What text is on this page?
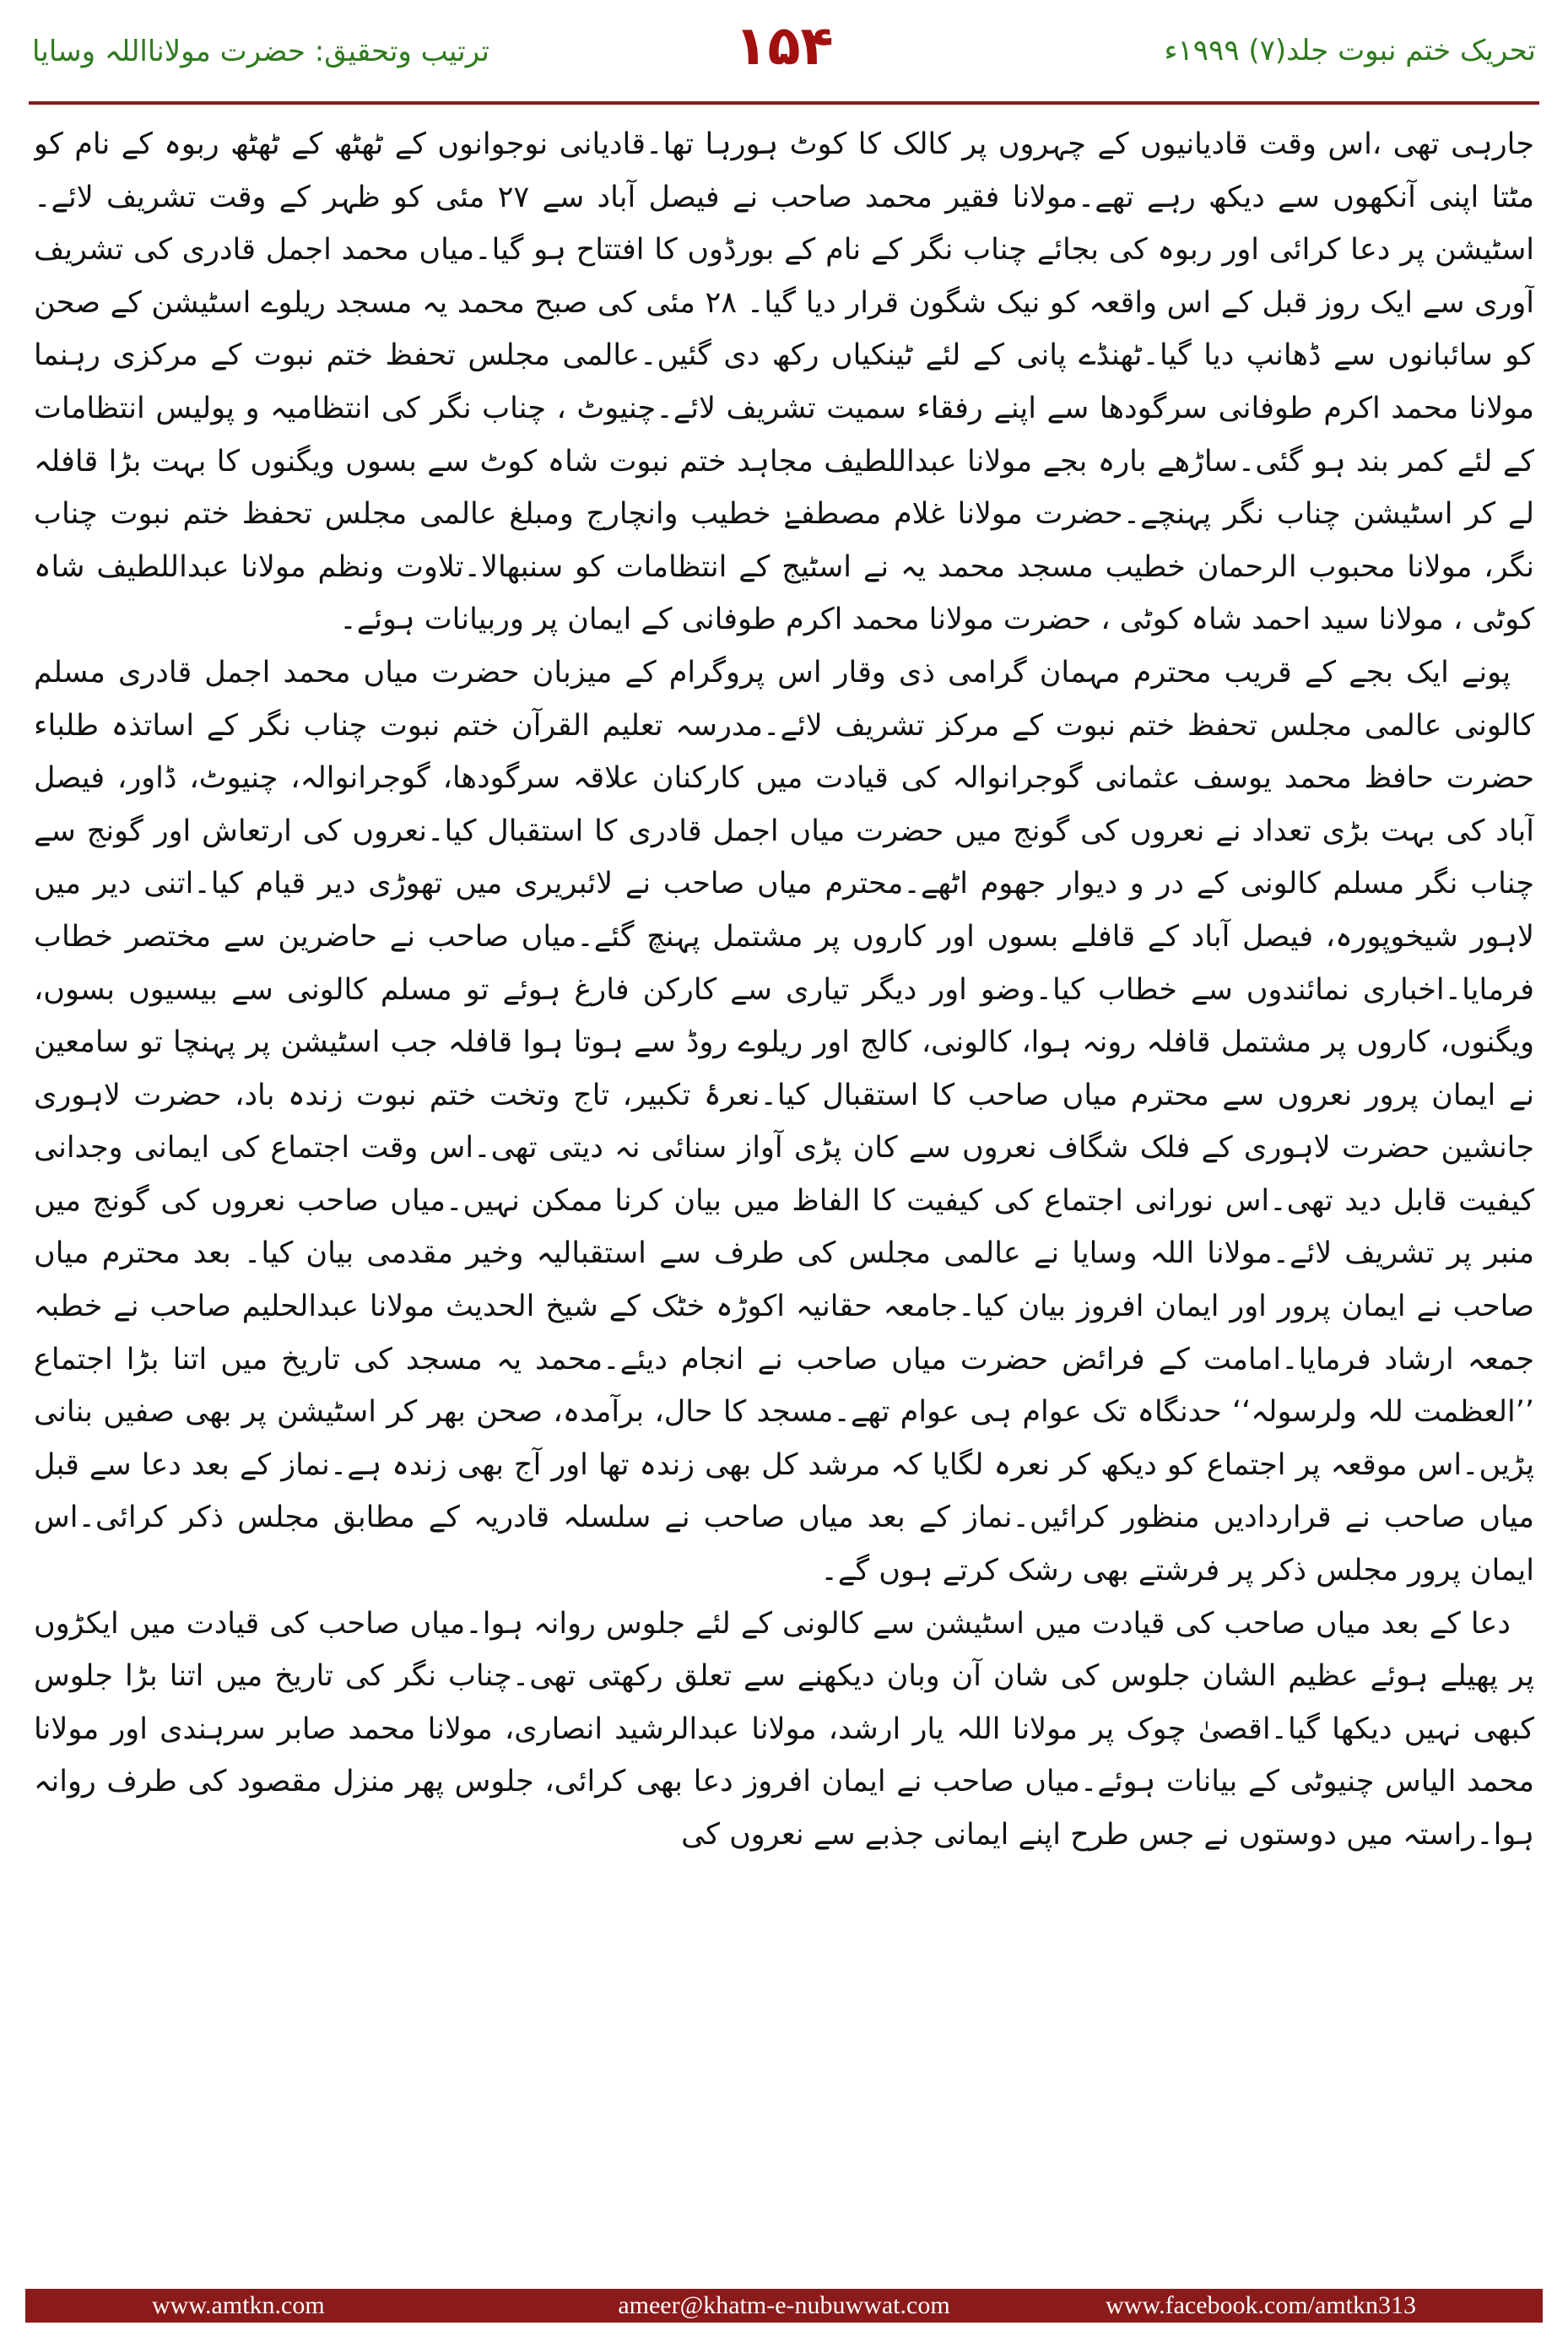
تحریک ختم نبوت جلد(۷) ۱۹۹۹ء
۱۵۴
ترتیب وتحقیق: حضرت مولانااللہ وسایا

جارہی تھی ،اس وقت قادیانیوں کے چہروں پر کالک کا کوٹ ہورہا تھا۔قادیانی نوجوانوں کے ٹھٹھ کے ٹھٹھ ربوہ کے نام کو مٹتا اپنی آنکھوں سے دیکھ رہے تھے۔مولانا فقیر محمد صاحب نے فیصل آباد سے ۲۷ مئی کو ظہر کے وقت تشریف لائے۔اسٹیشن پر دعا کرائی اور ربوہ کی بجائے چناب نگر کے نام کے بورڈوں کا افتتاح ہو گیا۔میاں محمد اجمل قادری کی تشریف آوری سے ایک روز قبل کے اس واقعہ کو نیک شگون قرار دیا گیا۔ ۲۸ مئی کی صبح محمد یہ مسجد ریلوے اسٹیشن کے صحن کو سائبانوں سے ڈھانپ دیا گیا۔ٹھنڈے پانی کے لئے ٹینکیاں رکھ دی گئیں۔عالمی مجلس تحفظ ختم نبوت کے مرکزی رہنما مولانا محمد اکرم طوفانی سرگودھا سے اپنے رفقاء سمیت تشریف لائے۔چنیوٹ ، چناب نگر کی انتظامیہ و پولیس انتظامات کے لئے کمر بند ہو گئی۔ساڑھے بارہ بجے مولانا عبداللطیف مجاہد ختم نبوت شاہ کوٹ سے بسوں ویگنوں کا بہت بڑا قافلہ لے کر اسٹیشن چناب نگر پہنچے۔حضرت مولانا غلام مصطفےٰ خطیب وانچارج ومبلغ عالمی مجلس تحفظ ختم نبوت چناب نگر، مولانا محبوب الرحمان خطیب مسجد محمد یہ نے اسٹیج کے انتظامات کو سنبھالا۔تلاوت ونظم مولانا عبداللطیف شاہ کوٹی ، مولانا سید احمد شاہ کوٹی ، حضرت مولانا محمد اکرم طوفانی کے ایمان پر وربیانات ہوئے۔

پونے ایک بجے کے قریب محترم مہمان گرامی ذی وقار اس پروگرام کے میزبان حضرت میاں محمد اجمل قادری مسلم کالونی عالمی مجلس تحفظ ختم نبوت کے مرکز تشریف لائے۔مدرسہ تعلیم القرآن ختم نبوت چناب نگر کے اساتذہ طلباء حضرت حافظ محمد یوسف عثمانی گوجرانوالہ کی قیادت میں کارکنان علاقہ سرگودھا، گوجرانوالہ، چنیوٹ، ڈاور، فیصل آباد کی بہت بڑی تعداد نے نعروں کی گونج میں حضرت میاں اجمل قادری کا استقبال کیا۔نعروں کی ارتعاش اور گونج سے چناب نگر مسلم کالونی کے در و دیوار جھوم اٹھے۔محترم میاں صاحب نے لائبریری میں تھوڑی دیر قیام کیا۔اتنی دیر میں لاہور شیخوپورہ، فیصل آباد کے قافلے بسوں اور کاروں پر مشتمل پہنچ گئے۔میاں صاحب نے حاضرین سے مختصر خطاب فرمایا۔اخباری نمائندوں سے خطاب کیا۔وضو اور دیگر تیاری سے کارکن فارغ ہوئے تو مسلم کالونی سے بیسیوں بسوں، ویگنوں، کاروں پر مشتمل قافلہ رونہ ہوا، کالونی، کالج اور ریلوے روڈ سے ہوتا ہوا قافلہ جب اسٹیشن پر پہنچا تو سامعین نے ایمان پرور نعروں سے محترم میاں صاحب کا استقبال کیا۔نعرۂ تکبیر، تاج وتخت ختم نبوت زندہ باد، حضرت لاہوری جانشین حضرت لاہوری کے فلک شگاف نعروں سے کان پڑی آواز سنائی نہ دیتی تھی۔اس وقت اجتماع کی ایمانی وجدانی کیفیت قابل دید تھی۔اس نورانی اجتماع کی کیفیت کا الفاظ میں بیان کرنا ممکن نہیں۔میاں صاحب نعروں کی گونج میں منبر پر تشریف لائے۔مولانا اللہ وسایا نے عالمی مجلس کی طرف سے استقبالیہ وخیر مقدمی بیان کیا۔ بعد محترم میاں صاحب نے ایمان پرور اور ایمان افروز بیان کیا۔جامعہ حقانیہ اکوڑہ خٹک کے شیخ الحدیث مولانا عبدالحلیم صاحب نے خطبہ جمعہ ارشاد فرمایا۔امامت کے فرائض حضرت میاں صاحب نے انجام دیئے۔محمد یہ مسجد کی تاریخ میں اتنا بڑا اجتماع ’’العظمت للہ ولرسولہ‘‘ حدنگاہ تک عوام ہی عوام تھے۔مسجد کا حال، برآمدہ، صحن بھر کر اسٹیشن پر بھی صفیں بنانی پڑیں۔اس موقعہ پر اجتماع کو دیکھ کر نعرہ لگایا کہ مرشد کل بھی زندہ تھا اور آج بھی زندہ ہے۔نماز کے بعد دعا سے قبل میاں صاحب نے قراردادیں منظور کرائیں۔نماز کے بعد میاں صاحب نے سلسلہ قادریہ کے مطابق مجلس ذکر کرائی۔اس ایمان پرور مجلس ذکر پر فرشتے بھی رشک کرتے ہوں گے۔

دعا کے بعد میاں صاحب کی قیادت میں اسٹیشن سے کالونی کے لئے جلوس روانہ ہوا۔میاں صاحب کی قیادت میں ایکڑوں پر پھیلے ہوئے عظیم الشان جلوس کی شان آن وبان دیکھنے سے تعلق رکھتی تھی۔چناب نگر کی تاریخ میں اتنا بڑا جلوس کبھی نہیں دیکھا گیا۔اقصیٰ چوک پر مولانا اللہ یار ارشد، مولانا عبدالرشید انصاری، مولانا محمد صابر سرہندی اور مولانا محمد الیاس چنیوٹی کے بیانات ہوئے۔میاں صاحب نے ایمان افروز دعا بھی کرائی، جلوس پھر منزل مقصود کی طرف روانہ ہوا۔راستہ میں دوستوں نے جس طرح اپنے ایمانی جذبے سے نعروں کی

www.amtkn.com	ameer@khatm-e-nubuwwat.com	www.facebook.com/amtkn313
